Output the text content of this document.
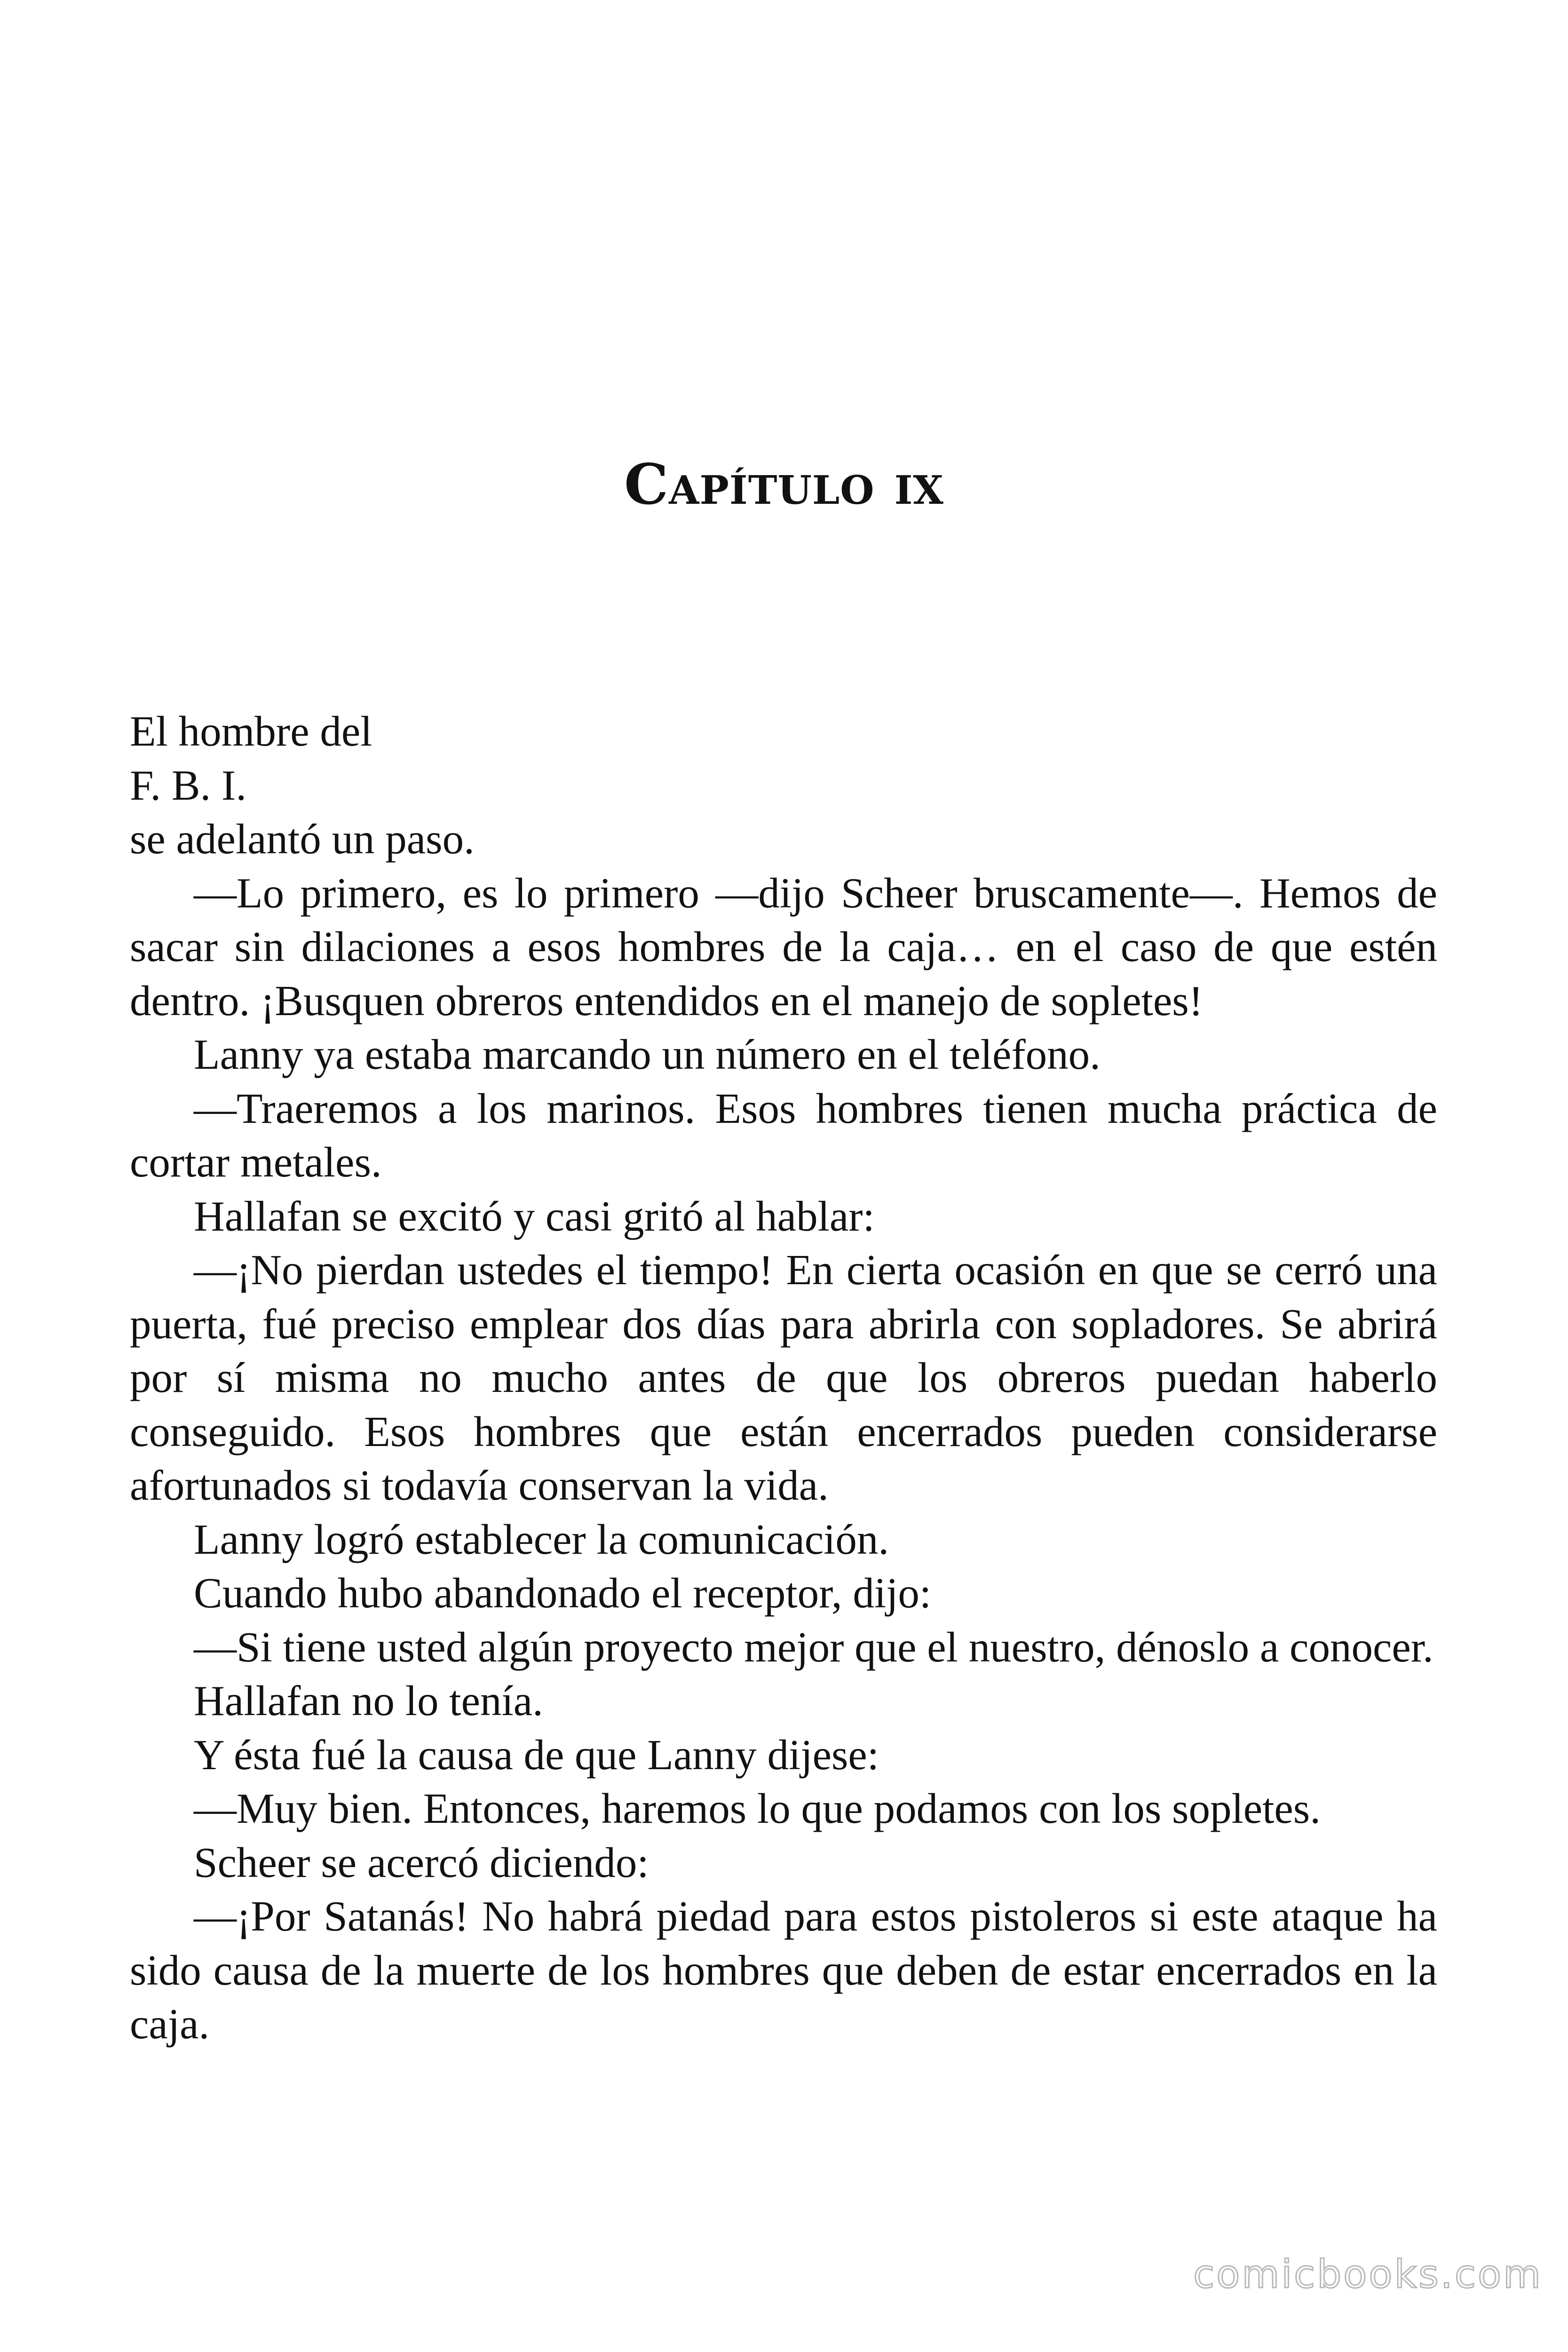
Capítulo ix

El hombre del

F. B. I.

se adelantó un paso.

—Lo primero, es lo primero —dijo Scheer bruscamente—. Hemos de sacar sin dilaciones a esos hombres de la caja… en el caso de que estén dentro. ¡Busquen obreros entendidos en el manejo de sopletes!

Lanny ya estaba marcando un número en el teléfono.

—Traeremos a los marinos. Esos hombres tienen mucha práctica de cortar metales.

Hallafan se excitó y casi gritó al hablar:

—¡No pierdan ustedes el tiempo! En cierta ocasión en que se cerró una puerta, fué preciso emplear dos días para abrirla con sopladores. Se abrirá por sí misma no mucho antes de que los obreros puedan haberlo conseguido. Esos hombres que están encerrados pueden considerarse afortunados si todavía conservan la vida.

Lanny logró establecer la comunicación.

Cuando hubo abandonado el receptor, dijo:

—Si tiene usted algún proyecto mejor que el nuestro, dénoslo a conocer.

Hallafan no lo tenía.

Y ésta fué la causa de que Lanny dijese:

—Muy bien. Entonces, haremos lo que podamos con los sopletes.

Scheer se acercó diciendo:

—¡Por Satanás! No habrá piedad para estos pistoleros si este ataque ha sido causa de la muerte de los hombres que deben de estar encerrados en la caja.

comicbooks.com
